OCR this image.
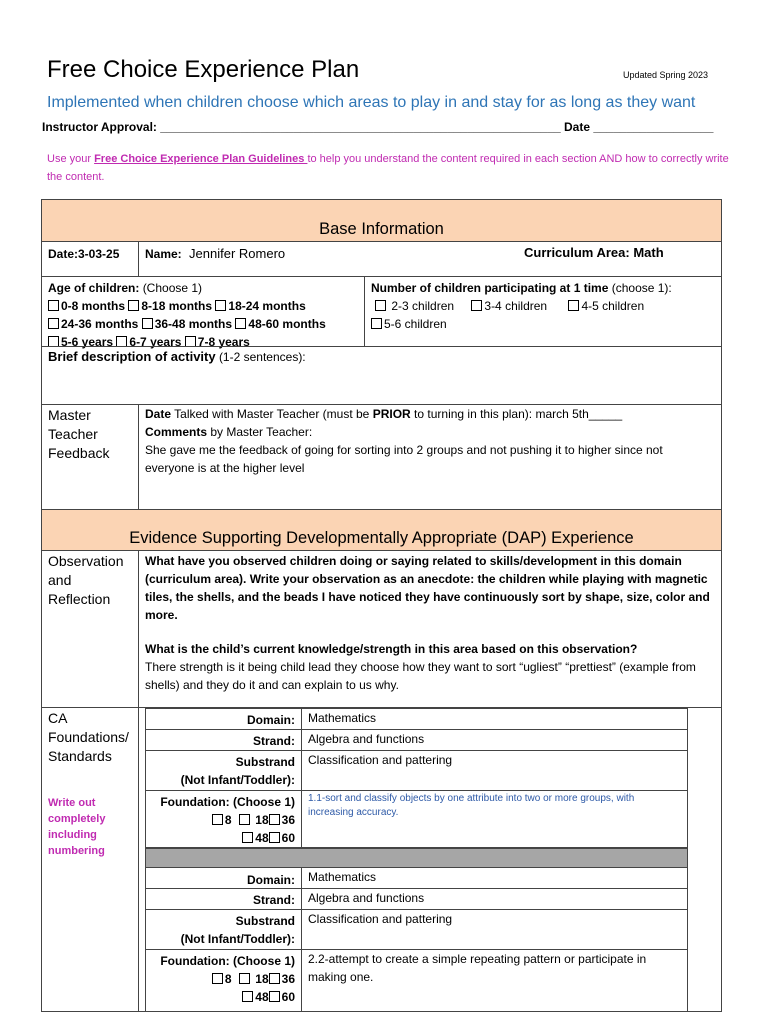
Free Choice Experience Plan	Updated Spring 2023
Implemented when children choose which areas to play in and stay for as long as they want
Instructor Approval: ____________________________________________________________ Date __________________
Use your Free Choice Experience Plan Guidelines to help you understand the content required in each section AND how to correctly write the content.
Base Information
Date:3-03-25	Name: Jennifer Romero	Curriculum Area: Math
Age of children: (Choose 1)
0-8 months 8-18 months 18-24 months
24-36 months 36-48 months 48-60 months
5-6 years 6-7 years 7-8 years
Number of children participating at 1 time (choose 1):
2-3 children	3-4 children	4-5 children
5-6 children
Brief description of activity (1-2 sentences):
Master Teacher Feedback
Date Talked with Master Teacher (must be PRIOR to turning in this plan): march 5th_____
Comments by Master Teacher:
She gave me the feedback of going for sorting into 2 groups and not pushing it to higher since not everyone is at the higher level
Evidence Supporting Developmentally Appropriate (DAP) Experience
Observation and Reflection
What have you observed children doing or saying related to skills/development in this domain (curriculum area). Write your observation as an anecdote: the children while playing with magnetic tiles, the shells, and the beads I have noticed they have continuously sort by shape, size, color and more.
What is the child’s current knowledge/strength in this area based on this observation?
There strength is it being child lead they choose how they want to sort “ugliest” “prettiest” (example from shells) and they do it and can explain to us why.
CA Foundations/ Standards
Write out completely including numbering
Domain:	Mathematics
Strand:	Algebra and functions
Substrand
(Not Infant/Toddler):
Classification and pattering
Foundation: (Choose 1)
8 18 36
48 60
1.1-sort and classify objects by one attribute into two or more groups, with increasing accuracy.
Domain:	Mathematics
Strand:	Algebra and functions
Substrand
(Not Infant/Toddler):
Classification and pattering
Foundation: (Choose 1)
8 18 36
48 60
2.2-attempt to create a simple repeating pattern or participate in making one.
